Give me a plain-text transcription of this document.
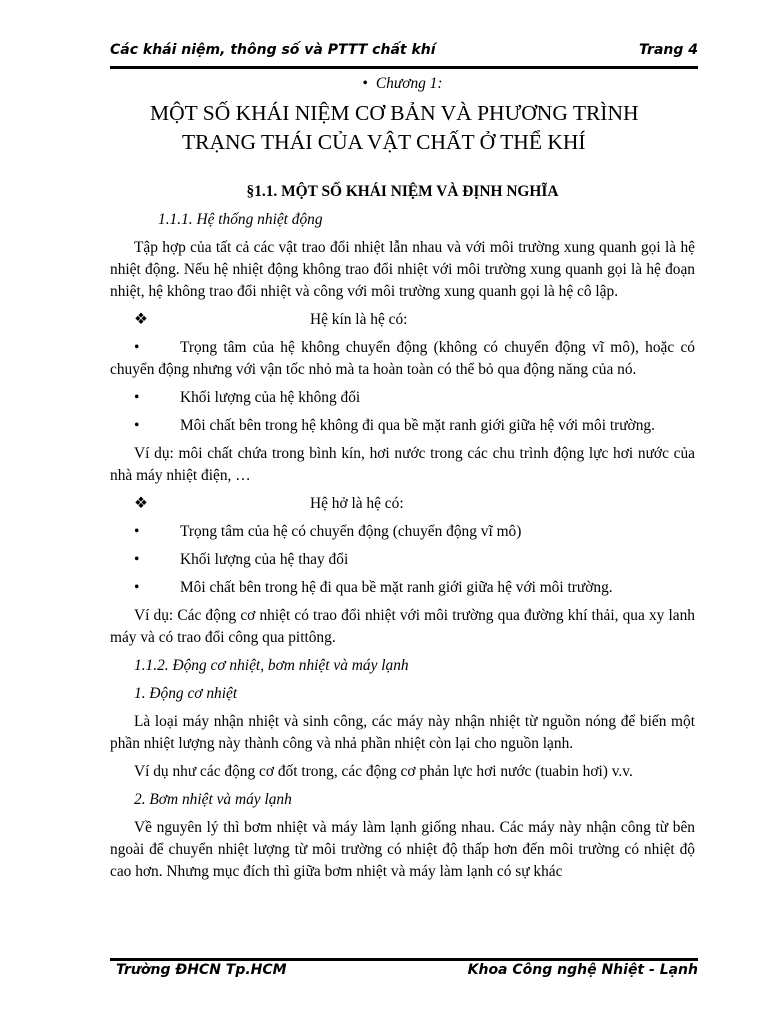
Các khái niệm, thông số và PTTT chất khí	Trang 4
• Chương 1:
MỘT SỐ KHÁI NIỆM CƠ BẢN VÀ PHƯƠNG TRÌNH
TRẠNG THÁI CỦA VẬT CHẤT Ở THỂ KHÍ
§1.1. MỘT SỐ KHÁI NIỆM VÀ ĐỊNH NGHĨA
1.1.1. Hệ thống nhiệt động

Tập hợp của tất cả các vật trao đổi nhiệt lẫn nhau và với môi trường xung quanh gọi là hệ nhiệt động. Nếu hệ nhiệt động không trao đổi nhiệt với môi trường xung quanh gọi là hệ đoạn nhiệt, hệ không trao đổi nhiệt và công với môi trường xung quanh gọi là hệ cô lập.

❖	Hệ kín là hệ có:
•	Trọng tâm của hệ không chuyển động (không có chuyển động vĩ mô), hoặc có chuyển động nhưng với vận tốc nhỏ mà ta hoàn toàn có thể bỏ qua động năng của nó.
•	Khối lượng của hệ không đổi
•	Môi chất bên trong hệ không đi qua bề mặt ranh giới giữa hệ với môi trường.

Ví dụ: môi chất chứa trong bình kín, hơi nước trong các chu trình động lực hơi nước của nhà máy nhiệt điện, …

❖	Hệ hở là hệ có:
•	Trọng tâm của hệ có chuyển động (chuyển động vĩ mô)
•	Khối lượng của hệ thay đổi
•	Môi chất bên trong hệ đi qua bề mặt ranh giới giữa hệ với môi trường.

Ví dụ: Các động cơ nhiệt có trao đổi nhiệt với môi trường qua đường khí thải, qua xy lanh máy và có trao đổi công qua pittông.

1.1.2. Động cơ nhiệt, bơm nhiệt và máy lạnh
1. Động cơ nhiệt

Là loại máy nhận nhiệt và sinh công, các máy này nhận nhiệt từ nguồn nóng để biến một phần nhiệt lượng này thành công và nhả phần nhiệt còn lại cho nguồn lạnh.

Ví dụ như các động cơ đốt trong, các động cơ phản lực hơi nước (tuabin hơi) v.v.

2. Bơm nhiệt và máy lạnh

Về nguyên lý thì bơm nhiệt và máy làm lạnh giống nhau. Các máy này nhận công từ bên ngoài để chuyển nhiệt lượng từ môi trường có nhiệt độ thấp hơn đến môi trường có nhiệt độ cao hơn. Nhưng mục đích thì giữa bơm nhiệt và máy làm lạnh có sự khác

Trường ĐHCN Tp.HCM	Khoa Công nghệ Nhiệt - Lạnh
